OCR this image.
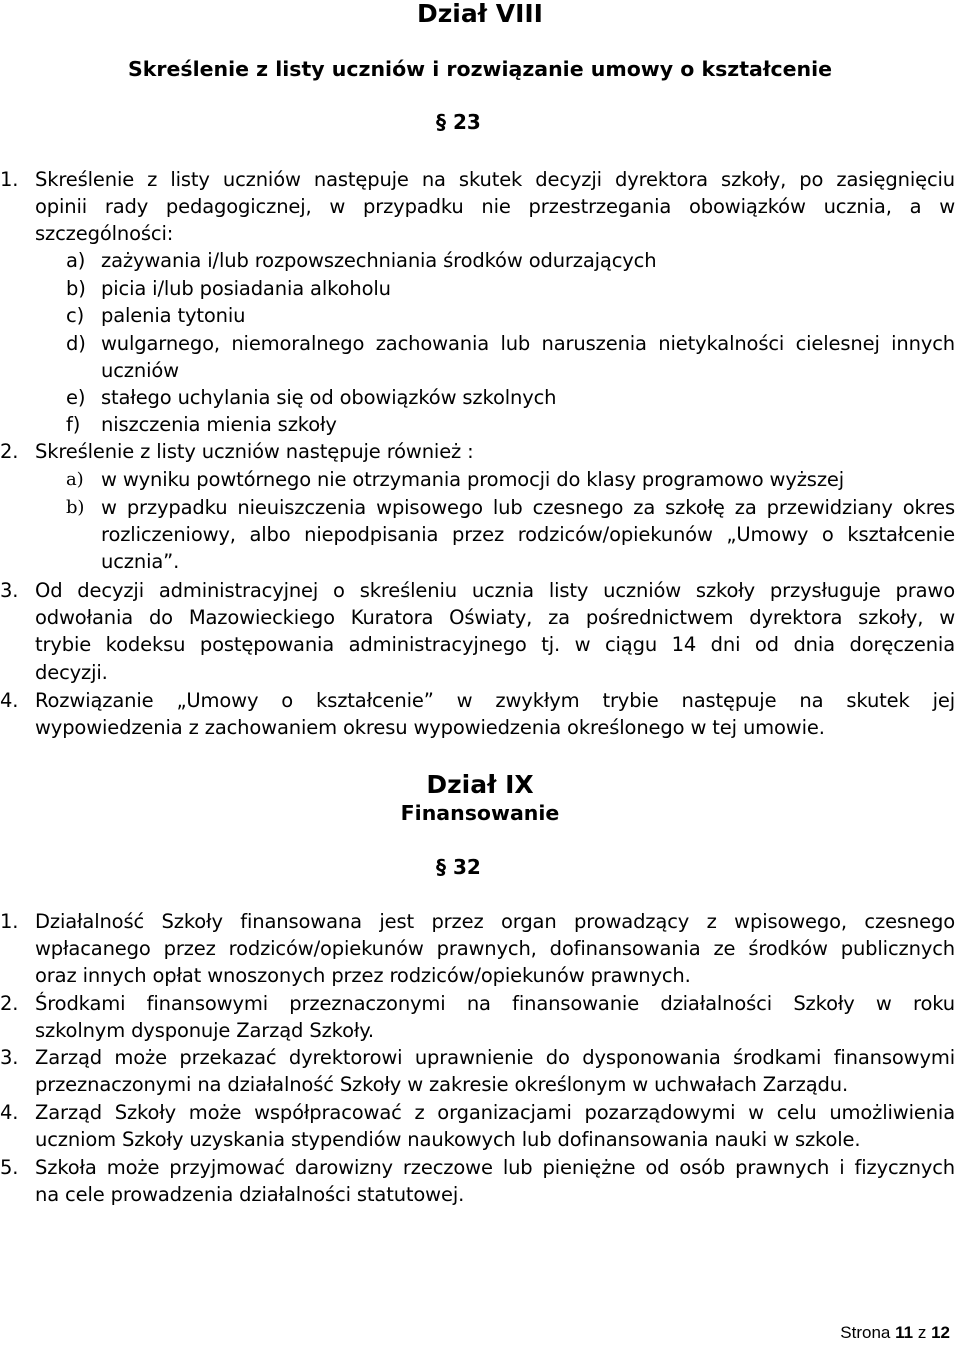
Dział VIII
Skreślenie z listy uczniów i rozwiązanie umowy o kształcenie
§ 23
1. Skreślenie z listy uczniów następuje na skutek decyzji dyrektora szkoły, po zasięgnięciu
opinii rady pedagogicznej, w przypadku nie przestrzegania obowiązków ucznia, a w
szczególności:
a) zażywania i/lub rozpowszechniania środków odurzających
b) picia i/lub posiadania alkoholu
c) palenia tytoniu
d) wulgarnego, niemoralnego zachowania lub naruszenia nietykalności cielesnej innych
uczniów
e) stałego uchylania się od obowiązków szkolnych
f) niszczenia mienia szkoły
2. Skreślenie z listy uczniów następuje również :
a) w wyniku powtórnego nie otrzymania promocji do klasy programowo wyższej
b) w przypadku nieuiszczenia wpisowego lub czesnego za szkołę za przewidziany okres
rozliczeniowy, albo niepodpisania przez rodziców/opiekunów „Umowy o kształcenie
ucznia”.
3. Od decyzji administracyjnej o skreśleniu ucznia listy uczniów szkoły przysługuje prawo
odwołania do Mazowieckiego Kuratora Oświaty, za pośrednictwem dyrektora szkoły, w
trybie kodeksu postępowania administracyjnego tj. w ciągu 14 dni od dnia doręczenia
decyzji.
4. Rozwiązanie „Umowy o kształcenie” w zwykłym trybie następuje na skutek jej
wypowiedzenia z zachowaniem okresu wypowiedzenia określonego w tej umowie.
Dział IX
Finansowanie
§ 32
1. Działalność Szkoły finansowana jest przez organ prowadzący z wpisowego, czesnego
wpłacanego przez rodziców/opiekunów prawnych, dofinansowania ze środków publicznych
oraz innych opłat wnoszonych przez rodziców/opiekunów prawnych.
2. Środkami finansowymi przeznaczonymi na finansowanie działalności Szkoły w roku
szkolnym dysponuje Zarząd Szkoły.
3. Zarząd może przekazać dyrektorowi uprawnienie do dysponowania środkami finansowymi
przeznaczonymi na działalność Szkoły w zakresie określonym w uchwałach Zarządu.
4. Zarząd Szkoły może współpracować z organizacjami pozarządowymi w celu umożliwienia
uczniom Szkoły uzyskania stypendiów naukowych lub dofinansowania nauki w szkole.
5. Szkoła może przyjmować darowizny rzeczowe lub pieniężne od osób prawnych i fizycznych
na cele prowadzenia działalności statutowej.
Strona 11 z 12
